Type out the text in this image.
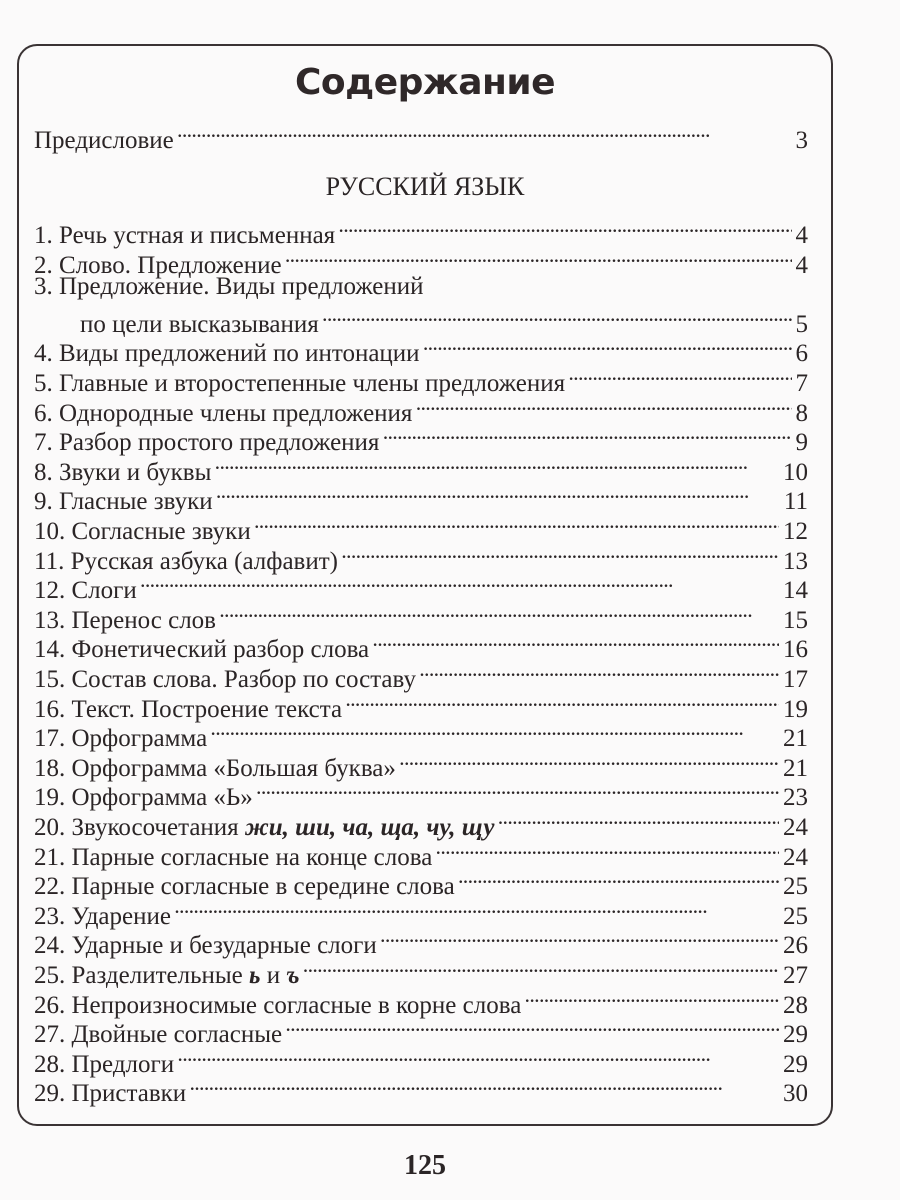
Содержание
Предисловие . . .	3
РУССКИЙ ЯЗЫК
1. Речь устная и письменная . . .	4
2. Слово. Предложение . . .	4
3. Предложение. Виды предложений
по цели высказывания . . .	5
4. Виды предложений по интонации . . .	6
5. Главные и второстепенные члены предложения . . .	7
6. Однородные члены предложения . . .	8
7. Разбор простого предложения . . .	9
8. Звуки и буквы . . .	10
9. Гласные звуки . . .	11
10. Согласные звуки . . .	12
11. Русская азбука (алфавит) . . .	13
12. Слоги . . .	14
13. Перенос слов . . .	15
14. Фонетический разбор слова . . .	16
15. Состав слова. Разбор по составу . . .	17
16. Текст. Построение текста . . .	19
17. Орфограмма . . .	21
18. Орфограмма «Большая буква» . . .	21
19. Орфограмма «Ь» . . .	23
20. Звукосочетания жи, ши, ча, ща, чу, щу . . .	24
21. Парные согласные на конце слова . . .	24
22. Парные согласные в середине слова . . .	25
23. Ударение . . .	25
24. Ударные и безударные слоги . . .	26
25. Разделительные ь и ъ . . .	27
26. Непроизносимые согласные в корне слова . . .	28
27. Двойные согласные . . .	29
28. Предлоги . . .	29
29. Приставки . . .	30
125
